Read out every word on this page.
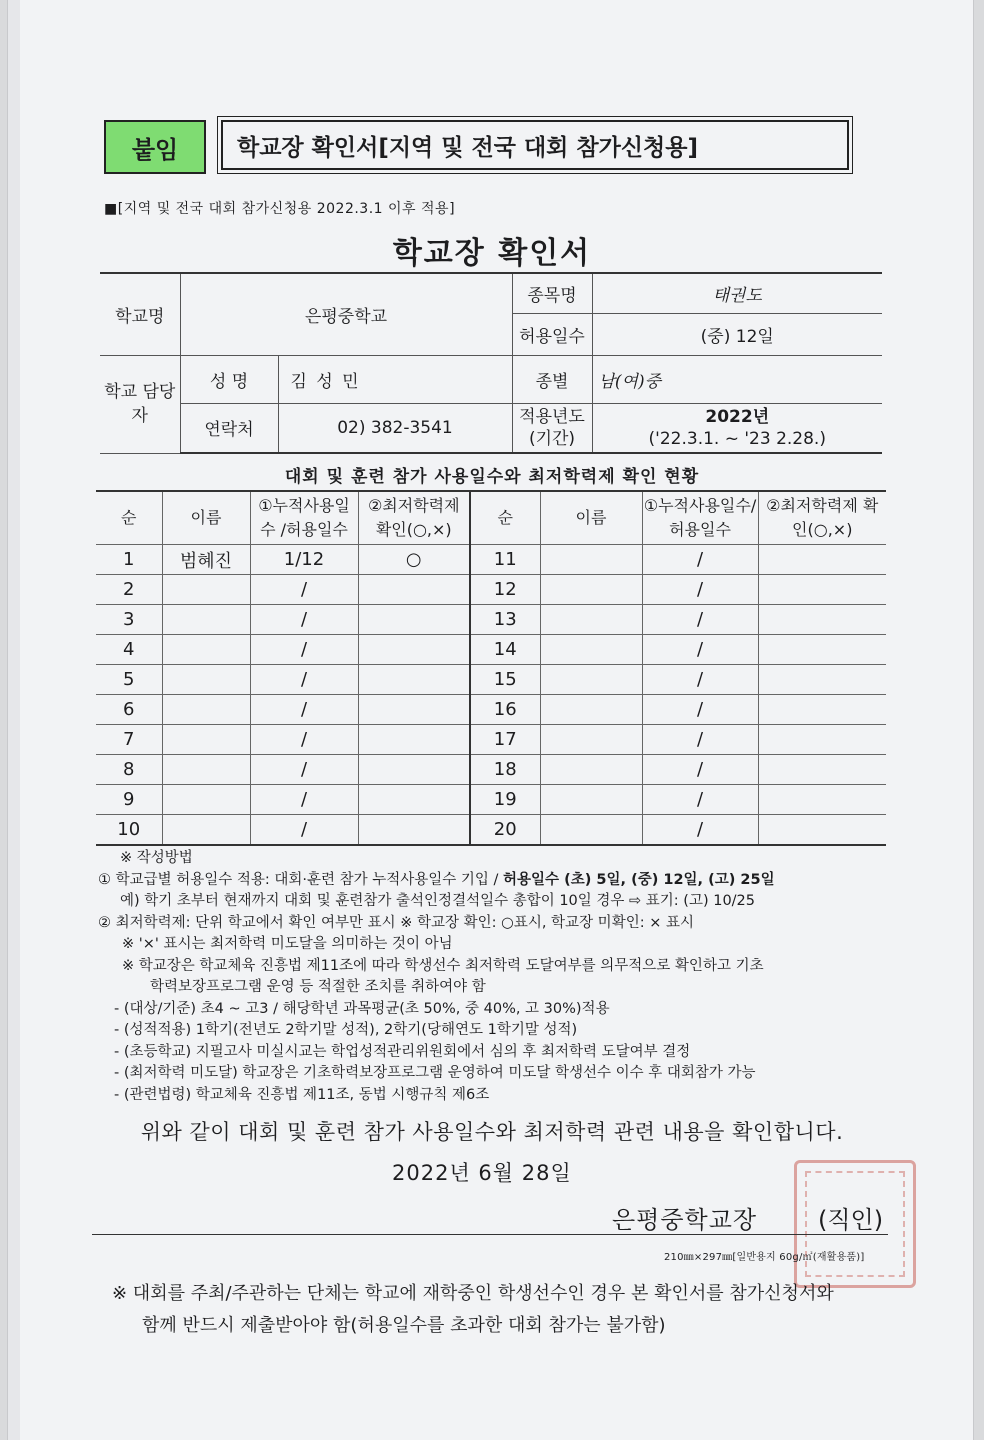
붙임	학교장 확인서[지역 및 전국 대회 참가신청용]
■[지역 및 전국 대회 참가신청용 2022.3.1 이후 적용]
학교장 확인서
학교명	은평중학교		종목명	태권도
			허용일수	(중) 12일
학교 담당자	성 명	김 성 민	종별	남(여)중
	연락처	02) 382-3541	적용년도 (기간)	2022년
('22.3.1. ~ '23 2.28.)
대회 및 훈련 참가 사용일수와 최저학력제 확인 현황
순	이름	①누적사용일수 /허용일수	②최저학력제 확인(○,×)	순	이름	①누적사용일수/ 허용일수	②최저학력제 확인(○,×)
1	범혜진	1/12	○	11		/	
2		/		12		/	
3		/		13		/	
4		/		14		/	
5		/		15		/	
6		/		16		/	
7		/		17		/	
8		/		18		/	
9		/		19		/	
10		/		20		/	
※ 작성방법
① 학교급별 허용일수 적용: 대회·훈련 참가 누적사용일수 기입 / 허용일수 (초) 5일, (중) 12일, (고) 25일
예) 학기 초부터 현재까지 대회 및 훈련참가 출석인정결석일수 총합이 10일 경우 ⇨ 표기: (고) 10/25
② 최저학력제: 단위 학교에서 확인 여부만 표시 ※ 학교장 확인: ○표시, 학교장 미확인: × 표시
※ '×' 표시는 최저학력 미도달을 의미하는 것이 아님
※ 학교장은 학교체육 진흥법 제11조에 따라 학생선수 최저학력 도달여부를 의무적으로 확인하고 기초
학력보장프로그램 운영 등 적절한 조치를 취하여야 함
- (대상/기준) 초4 ~ 고3 / 해당학년 과목평균(초 50%, 중 40%, 고 30%)적용
- (성적적용) 1학기(전년도 2학기말 성적), 2학기(당해연도 1학기말 성적)
- (초등학교) 지필고사 미실시교는 학업성적관리위원회에서 심의 후 최저학력 도달여부 결정
- (최저학력 미도달) 학교장은 기초학력보장프로그램 운영하여 미도달 학생선수 이수 후 대회참가 가능
- (관련법령) 학교체육 진흥법 제11조, 동법 시행규칙 제6조
위와 같이 대회 및 훈련 참가 사용일수와 최저학력 관련 내용을 확인합니다.
2022년 6월 28일
은평중학교장	(직인)
210㎜×297㎜[일반용지 60g/㎡(재활용품)]
※ 대회를 주최/주관하는 단체는 학교에 재학중인 학생선수인 경우 본 확인서를 참가신청서와
함께 반드시 제출받아야 함(허용일수를 초과한 대회 참가는 불가함)
